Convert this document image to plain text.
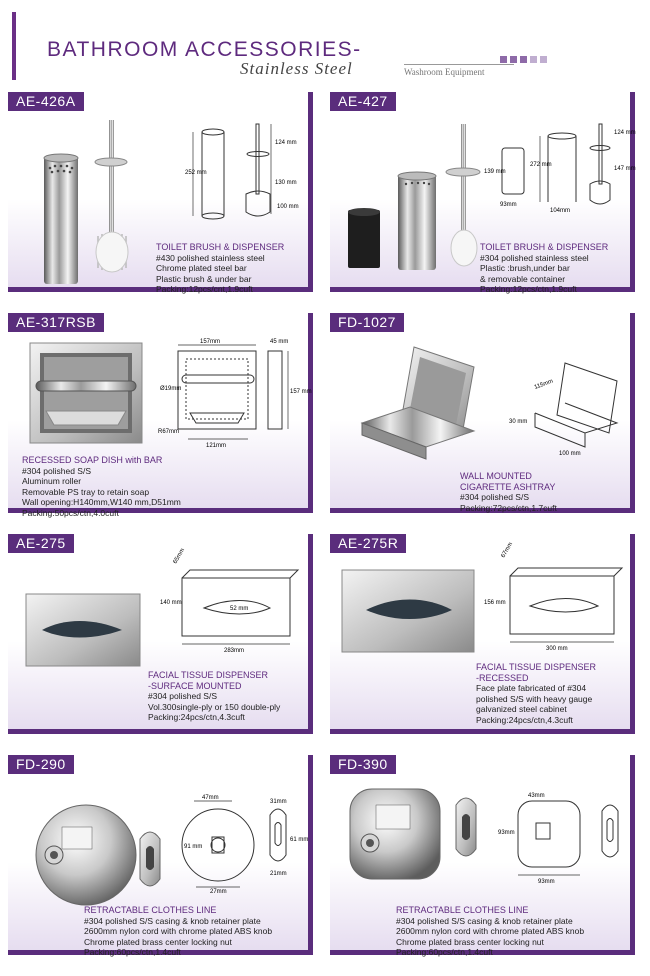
BATHROOM ACCESSORIES-
Stainless Steel	Washroom Equipment
AE-426A
252 mm
124 mm
130 mm
100 mm
TOILET BRUSH & DISPENSER
#430 polished stainless steel
Chrome plated steel bar
Plastic brush & under bar
Packing:12pcs/cnt,1.9cuft
AE-427
139 mm
93mm
272 mm
104mm
124 mm
147 mm
TOILET BRUSH & DISPENSER
#304 polished stainless steel
Plastic :brush,under bar
& removable container
Packing:12pcs/ctn,1.9cuft
AE-317RSB
157mm	45 mm
Ø19mm	157 mm
R67mm
121mm
RECESSED SOAP DISH with BAR
#304 polished S/S
Aluminum roller
Removable PS tray to retain soap
Wall opening:H140mm,W140 mm,D51mm
Packing:50pcs/ctn,4.0cuft
FD-1027
115mm
30 mm
100 mm
WALL MOUNTED
CIGARETTE ASHTRAY
#304 polished S/S
Packing:72pcs/ctn,1.7cuft
AE-275
65mm
140 mm
52 mm
283mm
FACIAL TISSUE DISPENSER
-SURFACE MOUNTED
#304 polished S/S
Vol.300single-ply or 150 double-ply
Packing:24pcs/ctn,4.3cuft
AE-275R	67mm
156 mm
300 mm
FACIAL TISSUE DISPENSER
-RECESSED
Face plate fabricated of #304
polished S/S with heavy gauge
galvanized steel cabinet
Packing:24pcs/ctn,4.3cuft
FD-290
47mm
91 mm
27mm
31mm
61 mm
21mm
RETRACTABLE CLOTHES LINE
#304 polished S/S casing & knob retainer plate
2600mm nylon cord with chrome plated ABS knob
Chrome plated brass center locking nut
Packing:60pcs/ctn,1.4cuft
FD-390
43mm
93mm
93mm
RETRACTABLE CLOTHES LINE
#304 polished S/S casing & knob retainer plate
2600mm nylon cord with chrome plated ABS knob
Chrome plated brass center locking nut
Packing:60pcs/ctn,1.4cuft
